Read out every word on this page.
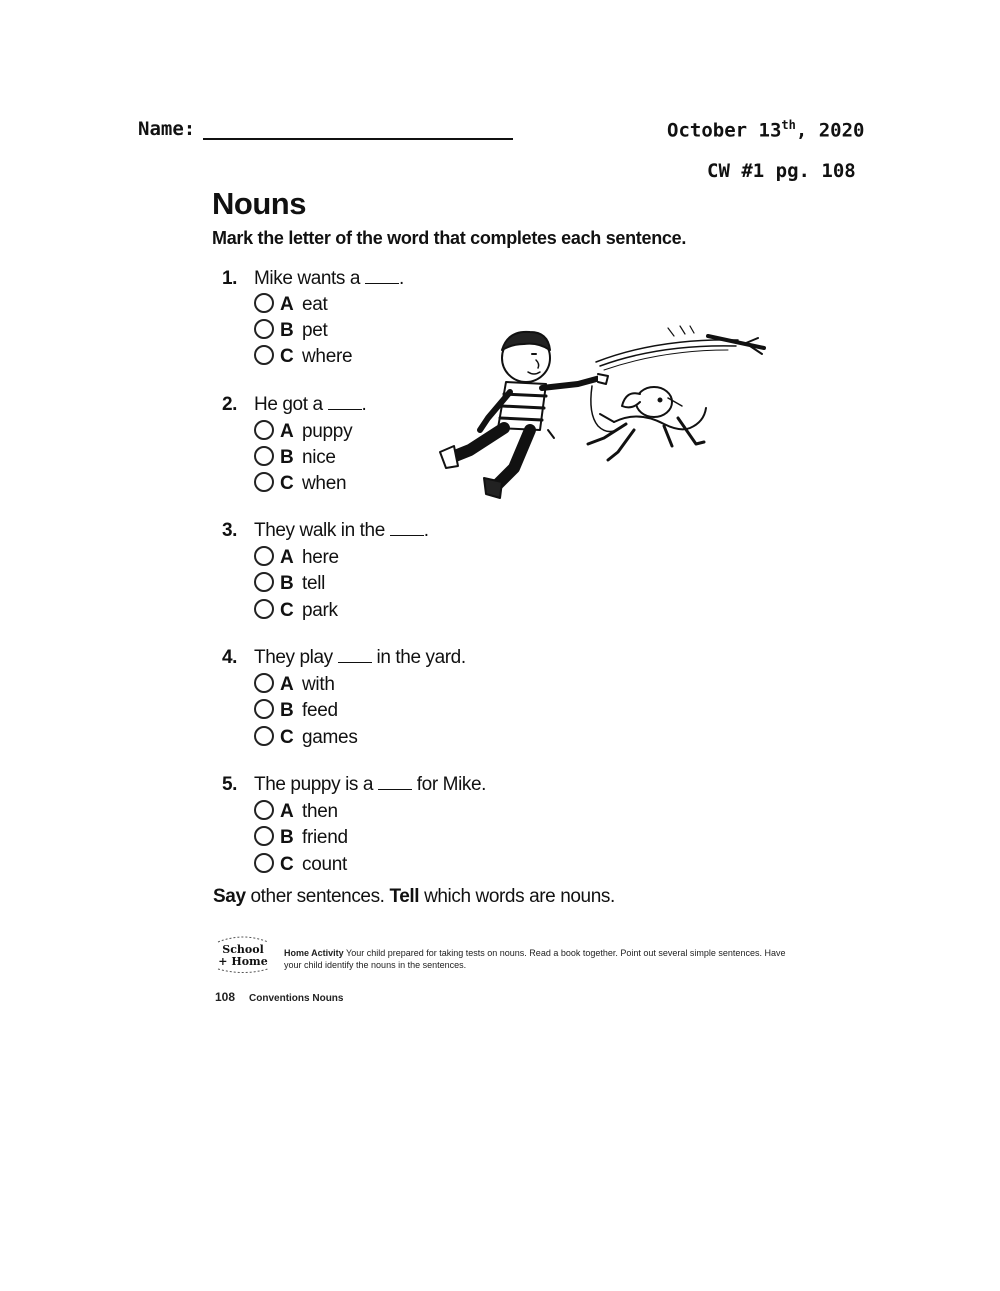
Name:	October 13th, 2020
CW #1 pg. 108
Nouns
Mark the letter of the word that completes each sentence.
1. Mike wants a .
A eat
B pet
C where
2. He got a .
A puppy
B nice
C when
3. They walk in the .
A here
B tell
C park
4. They play  in the yard.
A with
B feed
C games
5. The puppy is a  for Mike.
A then
B friend
C count
Say other sentences. Tell which words are nouns.
School
+ Home
Home Activity Your child prepared for taking tests on nouns. Read a book together. Point out several simple sentences. Have your child identify the nouns in the sentences.
108 Conventions Nouns
